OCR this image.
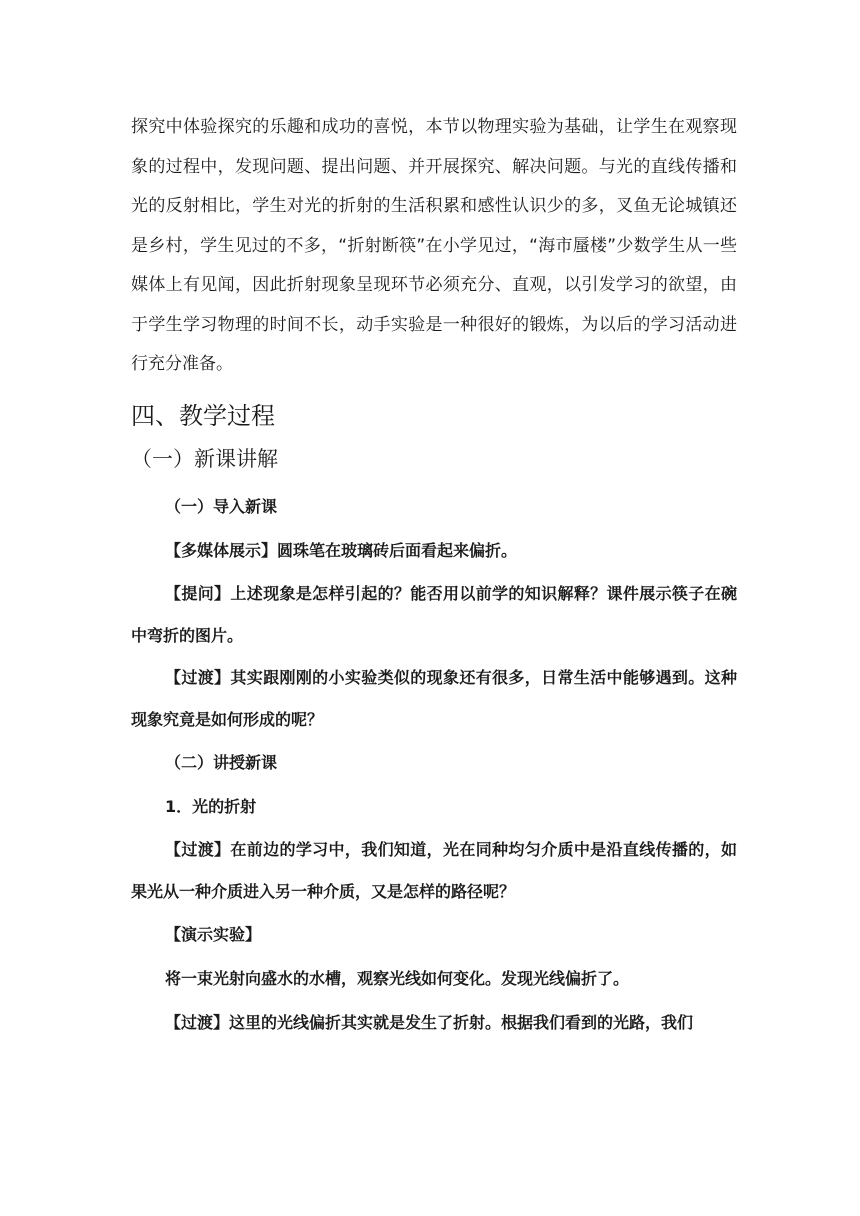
探究中体验探究的乐趣和成功的喜悦，本节以物理实验为基础，让学生在观察现象的过程中，发现问题、提出问题、并开展探究、解决问题。与光的直线传播和光的反射相比，学生对光的折射的生活积累和感性认识少的多，叉鱼无论城镇还是乡村，学生见过的不多，“折射断筷”在小学见过，“海市蜃楼”少数学生从一些媒体上有见闻，因此折射现象呈现环节必须充分、直观，以引发学习的欲望，由于学生学习物理的时间不长，动手实验是一种很好的锻炼，为以后的学习活动进行充分准备。

四、教学过程
（一）新课讲解

（一）导入新课

【多媒体展示】圆珠笔在玻璃砖后面看起来偏折。

【提问】上述现象是怎样引起的？能否用以前学的知识解释？课件展示筷子在碗中弯折的图片。

【过渡】其实跟刚刚的小实验类似的现象还有很多，日常生活中能够遇到。这种现象究竟是如何形成的呢？

（二）讲授新课

1．光的折射

【过渡】在前边的学习中，我们知道，光在同种均匀介质中是沿直线传播的，如果光从一种介质进入另一种介质，又是怎样的路径呢？

【演示实验】

将一束光射向盛水的水槽，观察光线如何变化。发现光线偏折了。

【过渡】这里的光线偏折其实就是发生了折射。根据我们看到的光路，我们
